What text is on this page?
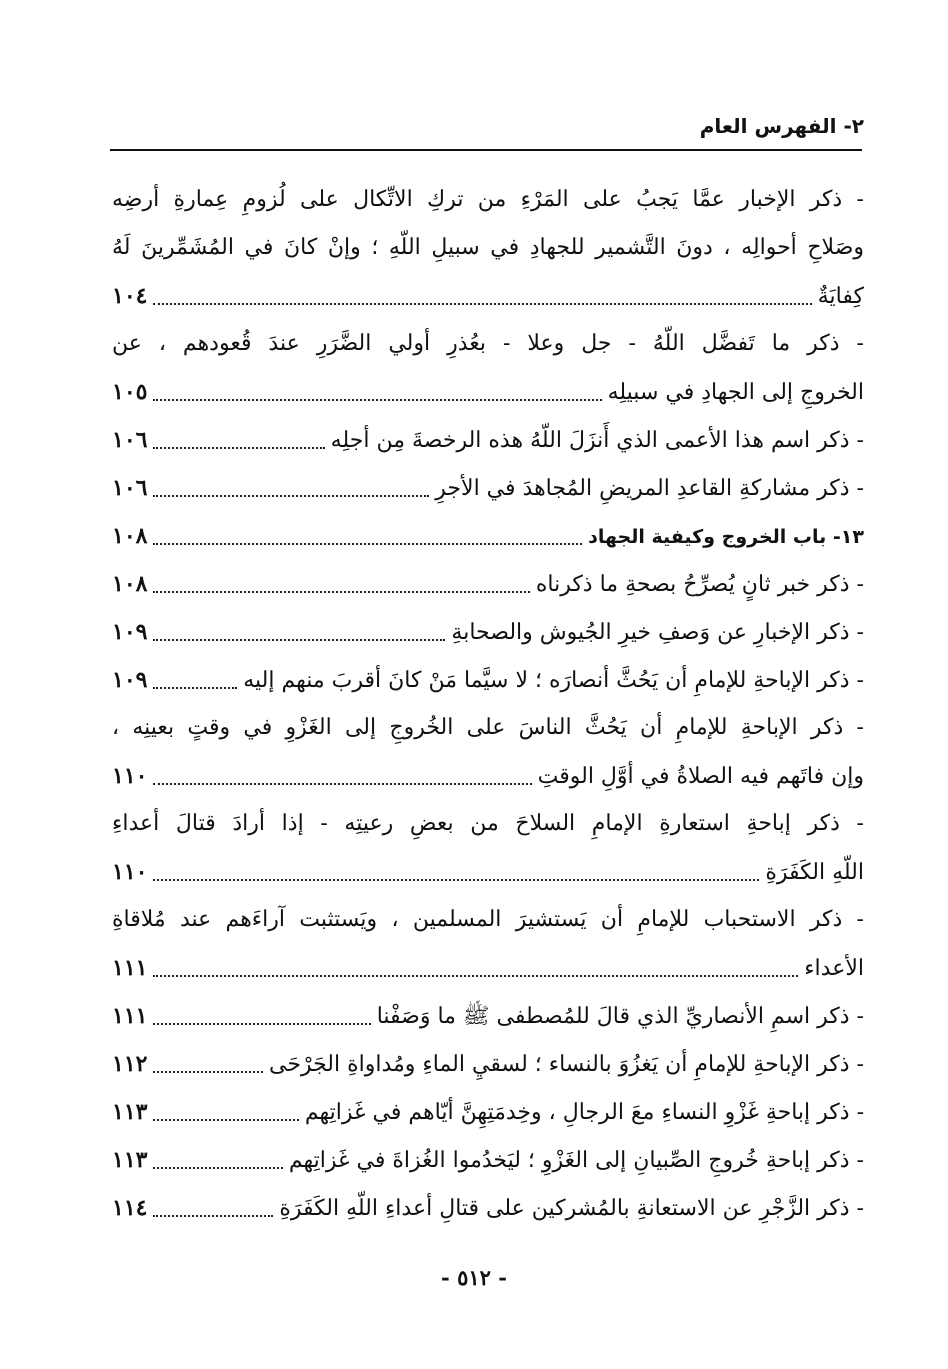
٢- الفهرس العام
- ذكر الإخبار عمَّا يَجبُ على المَرْءِ من تركِ الاتِّكال على لُزومِ عِمارةِ أرضِه
وصَلاحِ أحوالِه ، دونَ التَّشمير للجهادِ في سبيلِ اللّهِ ؛ وإنْ كانَ في المُشَمِّرينَ لَهُ
كِفايَةٌ
١٠٤
- ذكر ما تَفضَّل اللّهُ - جل وعلا - بعُذرِ أولي الضَّرَرِ عندَ قُعودهم ، عن
الخروجِ إلى الجهادِ في سبيلِه
١٠٥
- ذكر اسم هذا الأعمى الذي أَنزَلَ اللّهُ هذه الرخصةَ مِن أجلِه
١٠٦
- ذكر مشاركةِ القاعدِ المريضِ المُجاهدَ في الأجرِ
١٠٦
١٣- باب الخروج وكيفية الجهاد
١٠٨
- ذكر خبر ثانٍ يُصرِّحُ بصحةِ ما ذكرناه
١٠٨
- ذكر الإخبارِ عن وَصفِ خيرِ الجُيوش والصحابةِ
١٠٩
- ذكر الإباحةِ للإمامِ أن يَحُثَّ أنصارَه ؛ لا سيَّما مَنْ كانَ أقربَ منهم إليه
١٠٩
- ذكر الإباحةِ للإمامِ أن يَحُثَّ الناسَ على الخُروجِ إلى الغَزْوِ في وقتٍ بعينِه ،
وإن فاتَهم فيه الصلاةُ في أوَّلِ الوقتِ
١١٠
- ذكر إباحةِ استعارةِ الإمامِ السلاحَ من بعضِ رعيتِه - إذا أرادَ قتالَ أعداءِ
اللّهِ الكَفَرَةِ
١١٠
- ذكر الاستحباب للإمامِ أن يَستشيرَ المسلمين ، ويَستثبت آراءَهم عند مُلاقاةِ
الأعداء
١١١
- ذكر اسمِ الأنصاريِّ الذي قالَ للمُصطفى ﷺ ما وَصَفْنا
١١١
- ذكر الإباحةِ للإمامِ أن يَغزُوَ بالنساء ؛ لسقيِ الماءِ ومُداواةِ الجَرْحَى
١١٢
- ذكر إباحةِ غَزْوِ النساءِ معَ الرجالِ ، وخِدمَتِهِنَّ أيّاهم في غَزاتِهم
١١٣
- ذكر إباحةِ خُروجِ الصِّبيانِ إلى الغَزْوِ ؛ ليَخدُموا الغُزاةَ في غَزاتِهم
١١٣
- ذكر الزَّجْرِ عن الاستعانةِ بالمُشركين على قتالِ أعداءِ اللّهِ الكَفَرَةِ
١١٤
- ٥١٢ -
